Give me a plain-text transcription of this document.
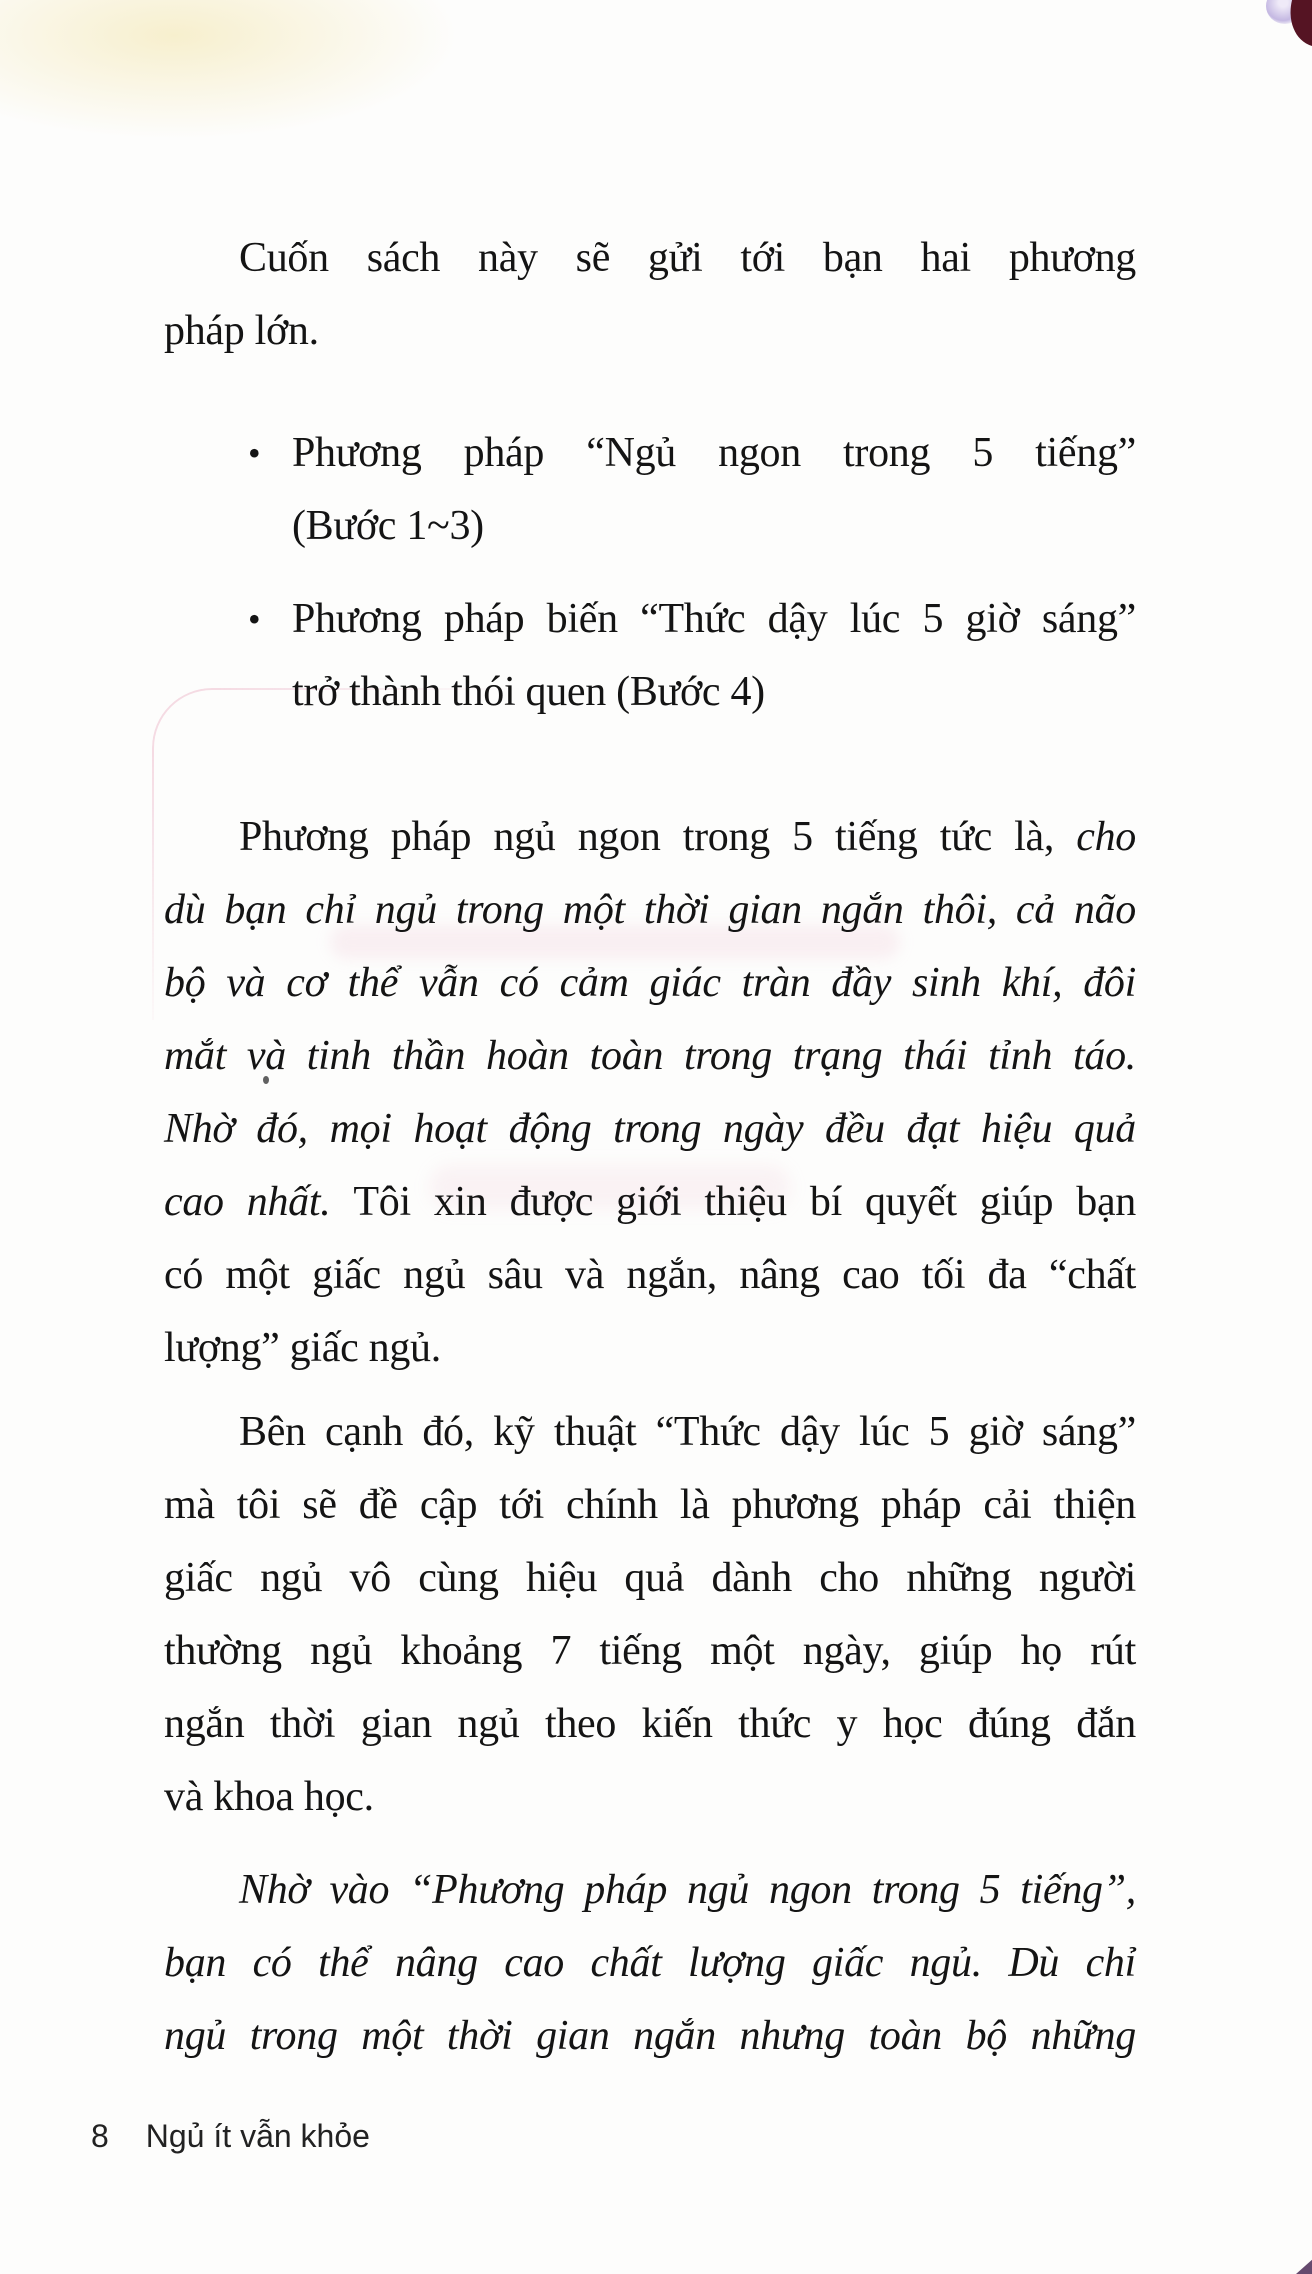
Cuốn sách này sẽ gửi tới bạn hai phương
pháp lớn.
• Phương pháp “Ngủ ngon trong 5 tiếng”
(Bước 1~3)
• Phương pháp biến “Thức dậy lúc 5 giờ sáng”
trở thành thói quen (Bước 4)
Phương pháp ngủ ngon trong 5 tiếng tức là, cho
dù bạn chỉ ngủ trong một thời gian ngắn thôi, cả não
bộ và cơ thể vẫn có cảm giác tràn đầy sinh khí, đôi
mắt và tinh thần hoàn toàn trong trạng thái tỉnh táo.
Nhờ đó, mọi hoạt động trong ngày đều đạt hiệu quả
cao nhất. Tôi xin được giới thiệu bí quyết giúp bạn
có một giấc ngủ sâu và ngắn, nâng cao tối đa “chất
lượng” giấc ngủ.
Bên cạnh đó, kỹ thuật “Thức dậy lúc 5 giờ sáng”
mà tôi sẽ đề cập tới chính là phương pháp cải thiện
giấc ngủ vô cùng hiệu quả dành cho những người
thường ngủ khoảng 7 tiếng một ngày, giúp họ rút
ngắn thời gian ngủ theo kiến thức y học đúng đắn
và khoa học.
Nhờ vào “Phương pháp ngủ ngon trong 5 tiếng”,
bạn có thể nâng cao chất lượng giấc ngủ. Dù chỉ
ngủ trong một thời gian ngắn nhưng toàn bộ những
8 Ngủ ít vẫn khỏe
